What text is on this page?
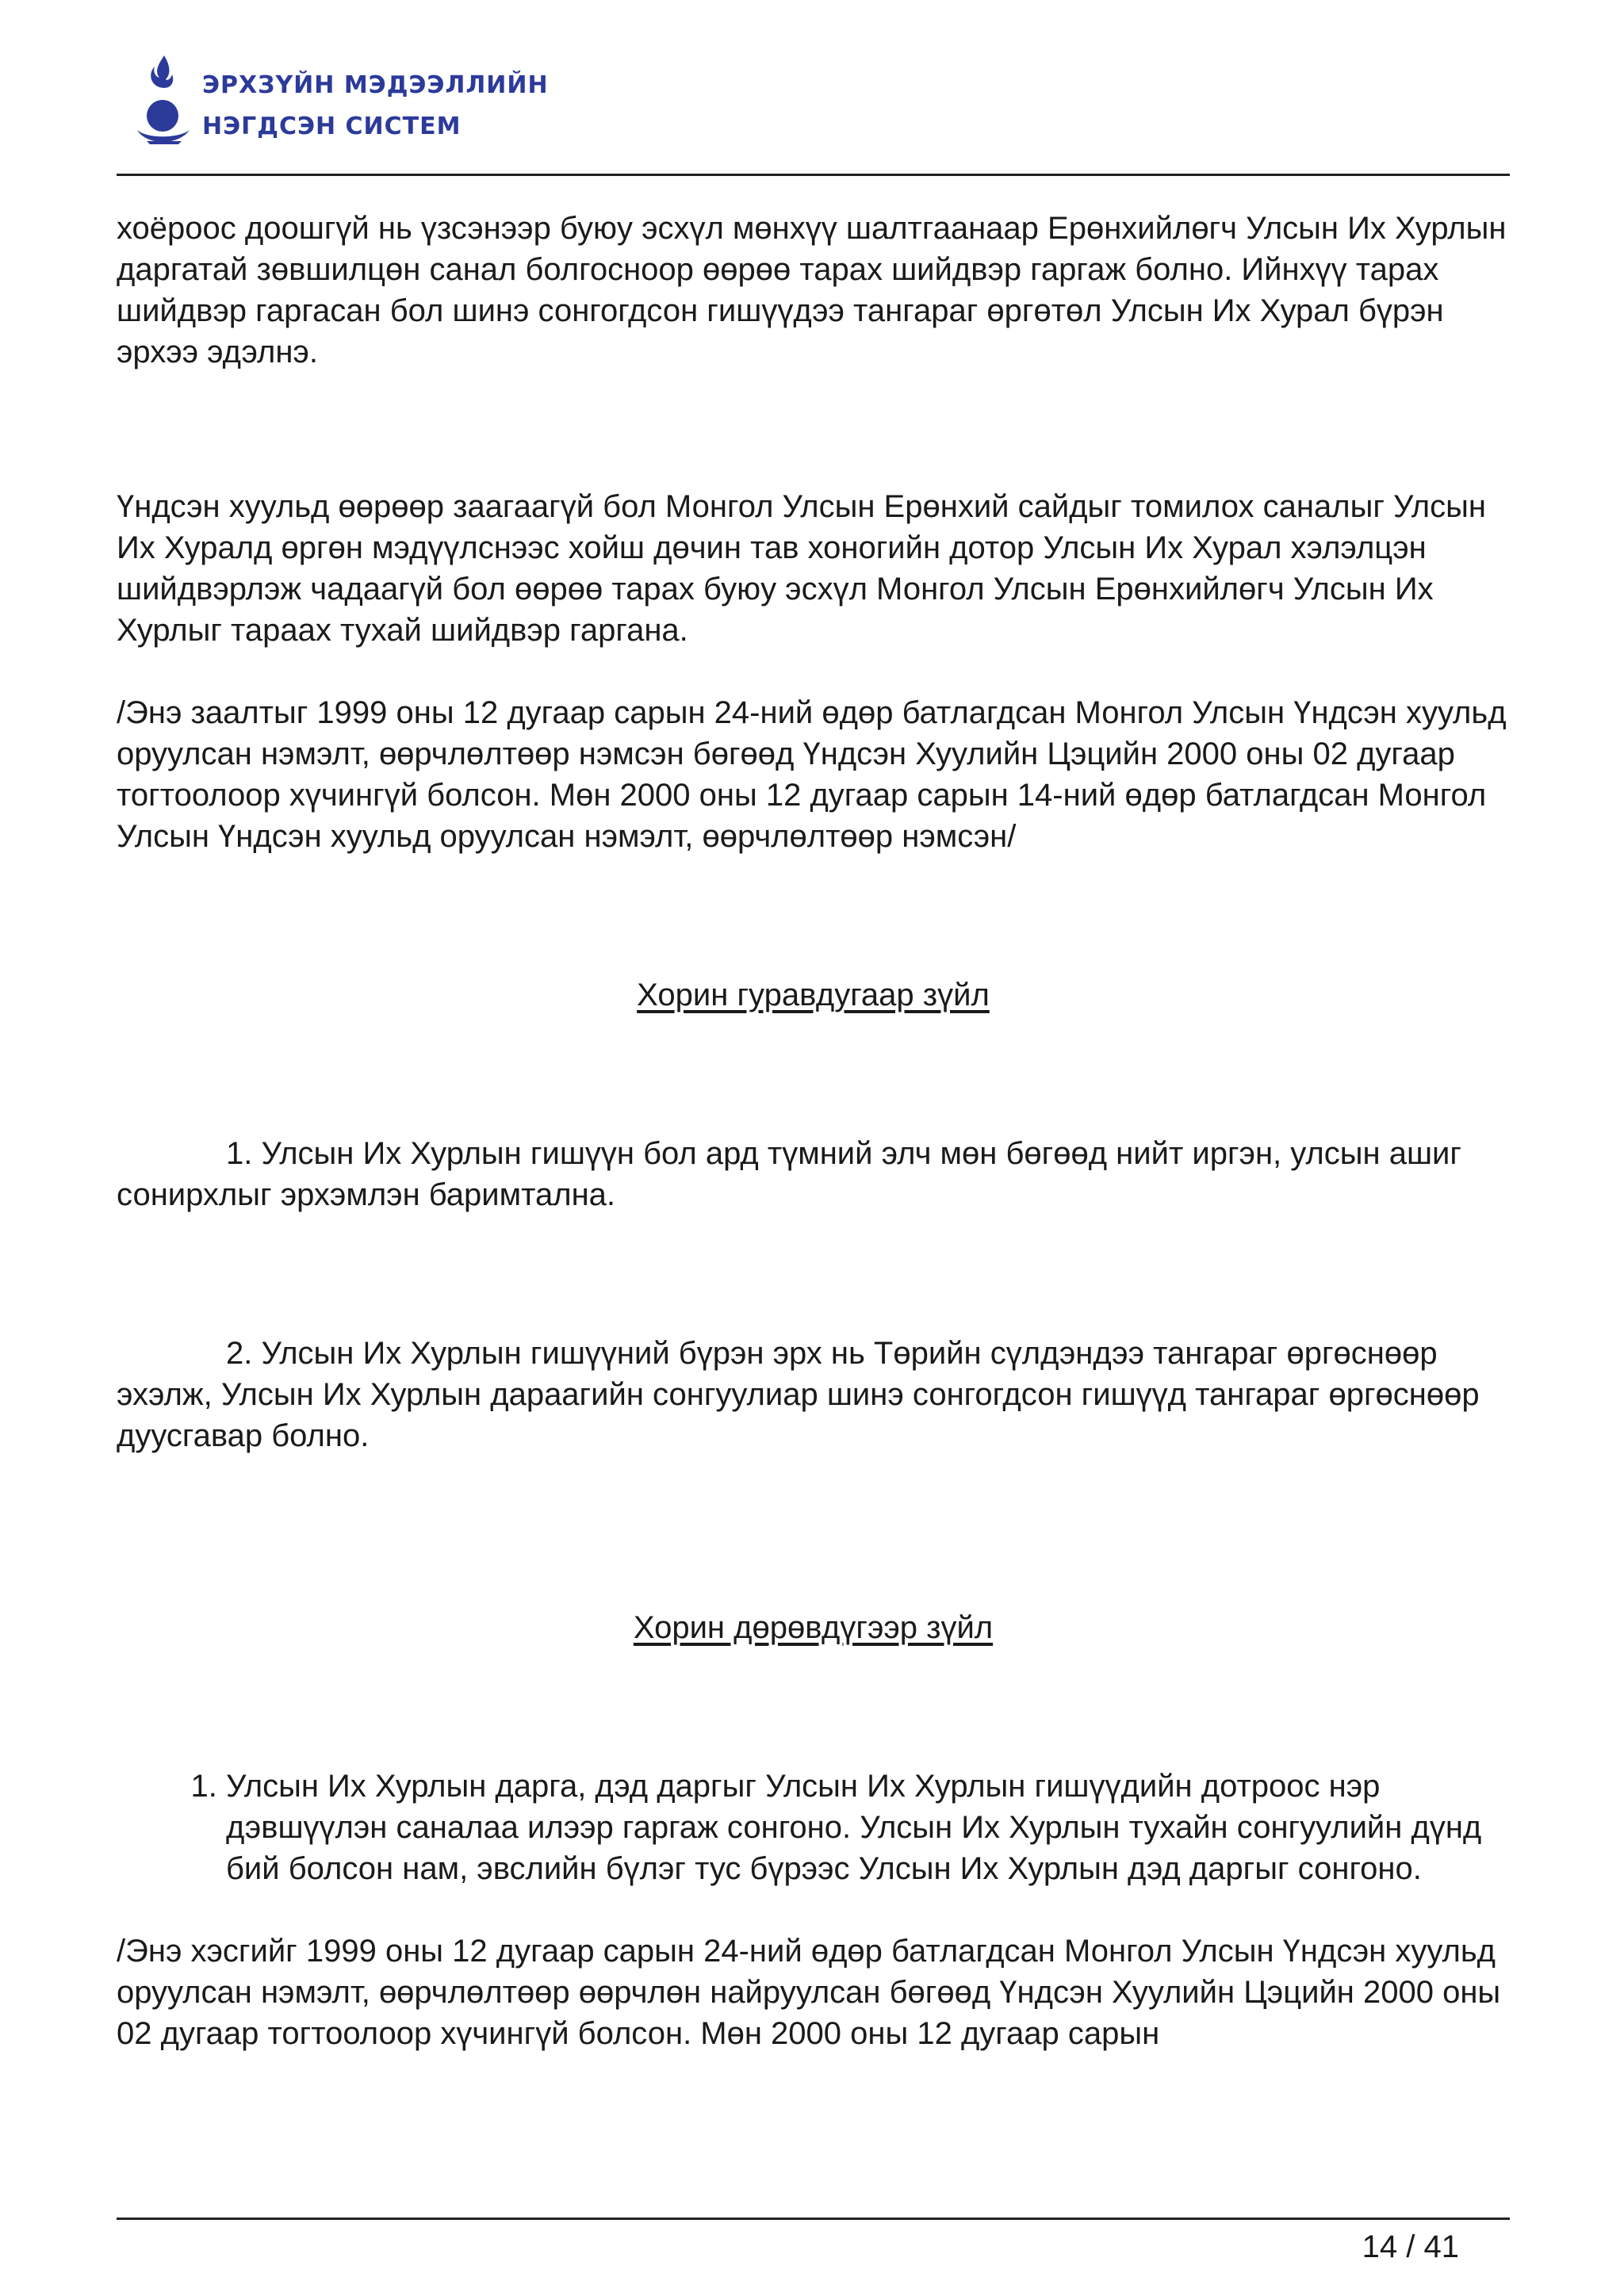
ЭРХЗҮЙН МЭДЭЭЛЛИЙН
НЭГДСЭН СИСТЕМ

хоёроос доошгүй нь үзсэнээр буюу эсхүл мөнхүү шалтгаанаар Ерөнхийлөгч Улсын Их Хурлын даргатай зөвшилцөн санал болгосноор өөрөө тарах шийдвэр гаргаж болно. Ийнхүү тарах шийдвэр гаргасан бол шинэ сонгогдсон гишүүдээ тангараг өргөтөл Улсын Их Хурал бүрэн эрхээ эдэлнэ.

Үндсэн хуульд өөрөөр заагаагүй бол Монгол Улсын Ерөнхий сайдыг томилох саналыг Улсын Их Хуралд өргөн мэдүүлснээс хойш дөчин тав хоногийн дотор Улсын Их Хурал хэлэлцэн шийдвэрлэж чадаагүй бол өөрөө тарах буюу эсхүл Монгол Улсын Ерөнхийлөгч Улсын Их Хурлыг тараах тухай шийдвэр гаргана.

/Энэ заалтыг 1999 оны 12 дугаар сарын 24-ний өдөр батлагдсан Монгол Улсын Үндсэн хуульд оруулсан нэмэлт, өөрчлөлтөөр нэмсэн бөгөөд Үндсэн Хуулийн Цэцийн 2000 оны 02 дугаар тогтоолоор хүчингүй болсон. Мөн 2000 оны 12 дугаар сарын 14-ний өдөр батлагдсан Монгол Улсын Үндсэн хуульд оруулсан нэмэлт, өөрчлөлтөөр нэмсэн/

Хорин гуравдугаар зүйл

1. Улсын Их Хурлын гишүүн бол ард түмний элч мөн бөгөөд нийт иргэн, улсын ашиг сонирхлыг эрхэмлэн баримтална.

2. Улсын Их Хурлын гишүүний бүрэн эрх нь Төрийн сүлдэндээ тангараг өргөснөөр эхэлж, Улсын Их Хурлын дараагийн сонгуулиар шинэ сонгогдсон гишүүд тангараг өргөснөөр дуусгавар болно.

Хорин дөрөвдүгээр зүйл

1. Улсын Их Хурлын дарга, дэд даргыг Улсын Их Хурлын гишүүдийн дотроос нэр дэвшүүлэн саналаа илээр гаргаж сонгоно. Улсын Их Хурлын тухайн сонгуулийн дүнд бий болсон нам, эвслийн бүлэг тус бүрээс Улсын Их Хурлын дэд даргыг сонгоно.

/Энэ хэсгийг 1999 оны 12 дугаар сарын 24-ний өдөр батлагдсан Монгол Улсын Үндсэн хуульд оруулсан нэмэлт, өөрчлөлтөөр өөрчлөн найруулсан бөгөөд Үндсэн Хуулийн Цэцийн 2000 оны 02 дугаар тогтоолоор хүчингүй болсон. Мөн 2000 оны 12 дугаар сарын

14 / 41
